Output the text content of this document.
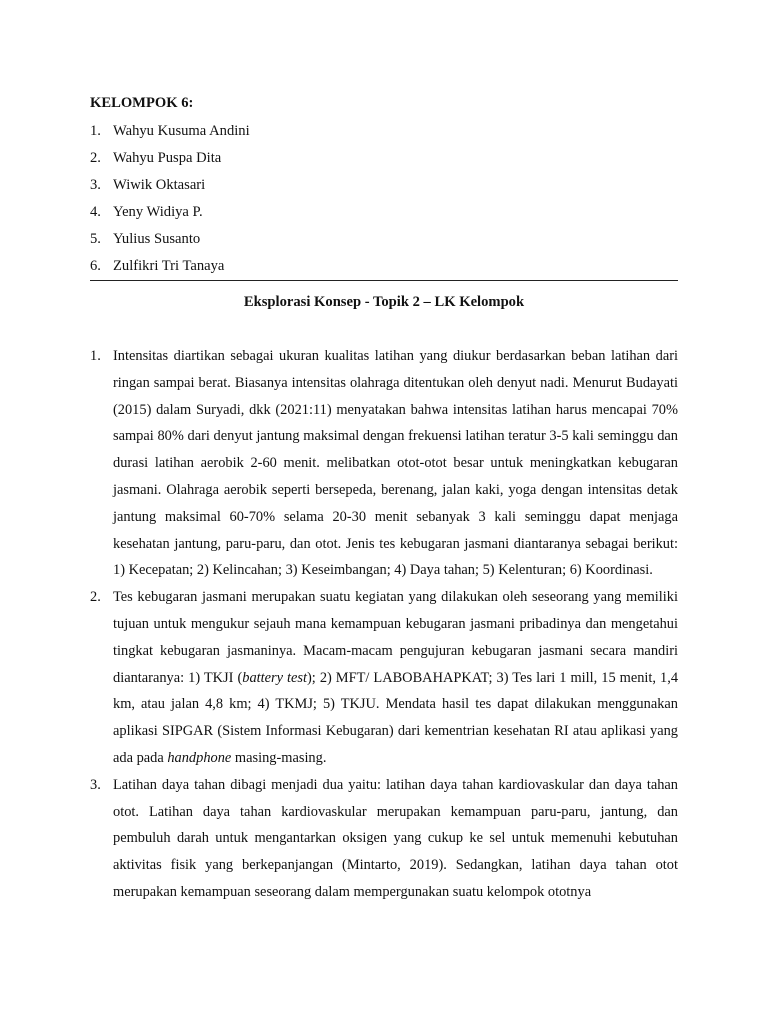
KELOMPOK 6:
1. Wahyu Kusuma Andini
2. Wahyu Puspa Dita
3. Wiwik Oktasari
4. Yeny Widiya P.
5. Yulius Susanto
6. Zulfikri Tri Tanaya
Eksplorasi Konsep - Topik 2 – LK Kelompok
1. Intensitas diartikan sebagai ukuran kualitas latihan yang diukur berdasarkan beban latihan dari ringan sampai berat. Biasanya intensitas olahraga ditentukan oleh denyut nadi. Menurut Budayati (2015) dalam Suryadi, dkk (2021:11) menyatakan bahwa intensitas latihan harus mencapai 70% sampai 80% dari denyut jantung maksimal dengan frekuensi latihan teratur 3-5 kali seminggu dan durasi latihan aerobik 2-60 menit. melibatkan otot-otot besar untuk meningkatkan kebugaran jasmani. Olahraga aerobik seperti bersepeda, berenang, jalan kaki, yoga dengan intensitas detak jantung maksimal 60-70% selama 20-30 menit sebanyak 3 kali seminggu dapat menjaga kesehatan jantung, paru-paru, dan otot. Jenis tes kebugaran jasmani diantaranya sebagai berikut: 1) Kecepatan; 2) Kelincahan; 3) Keseimbangan; 4) Daya tahan; 5) Kelenturan; 6) Koordinasi.
2. Tes kebugaran jasmani merupakan suatu kegiatan yang dilakukan oleh seseorang yang memiliki tujuan untuk mengukur sejauh mana kemampuan kebugaran jasmani pribadinya dan mengetahui tingkat kebugaran jasmaninya. Macam-macam pengujuran kebugaran jasmani secara mandiri diantaranya: 1) TKJI (battery test); 2) MFT/ LABOBAHAPKAT; 3) Tes lari 1 mill, 15 menit, 1,4 km, atau jalan 4,8 km; 4) TKMJ; 5) TKJU. Mendata hasil tes dapat dilakukan menggunakan aplikasi SIPGAR (Sistem Informasi Kebugaran) dari kementrian kesehatan RI atau aplikasi yang ada pada handphone masing-masing.
3. Latihan daya tahan dibagi menjadi dua yaitu: latihan daya tahan kardiovaskular dan daya tahan otot. Latihan daya tahan kardiovaskular merupakan kemampuan paru-paru, jantung, dan pembuluh darah untuk mengantarkan oksigen yang cukup ke sel untuk memenuhi kebutuhan aktivitas fisik yang berkepanjangan (Mintarto, 2019). Sedangkan, latihan daya tahan otot merupakan kemampuan seseorang dalam mempergunakan suatu kelompok ototnya
